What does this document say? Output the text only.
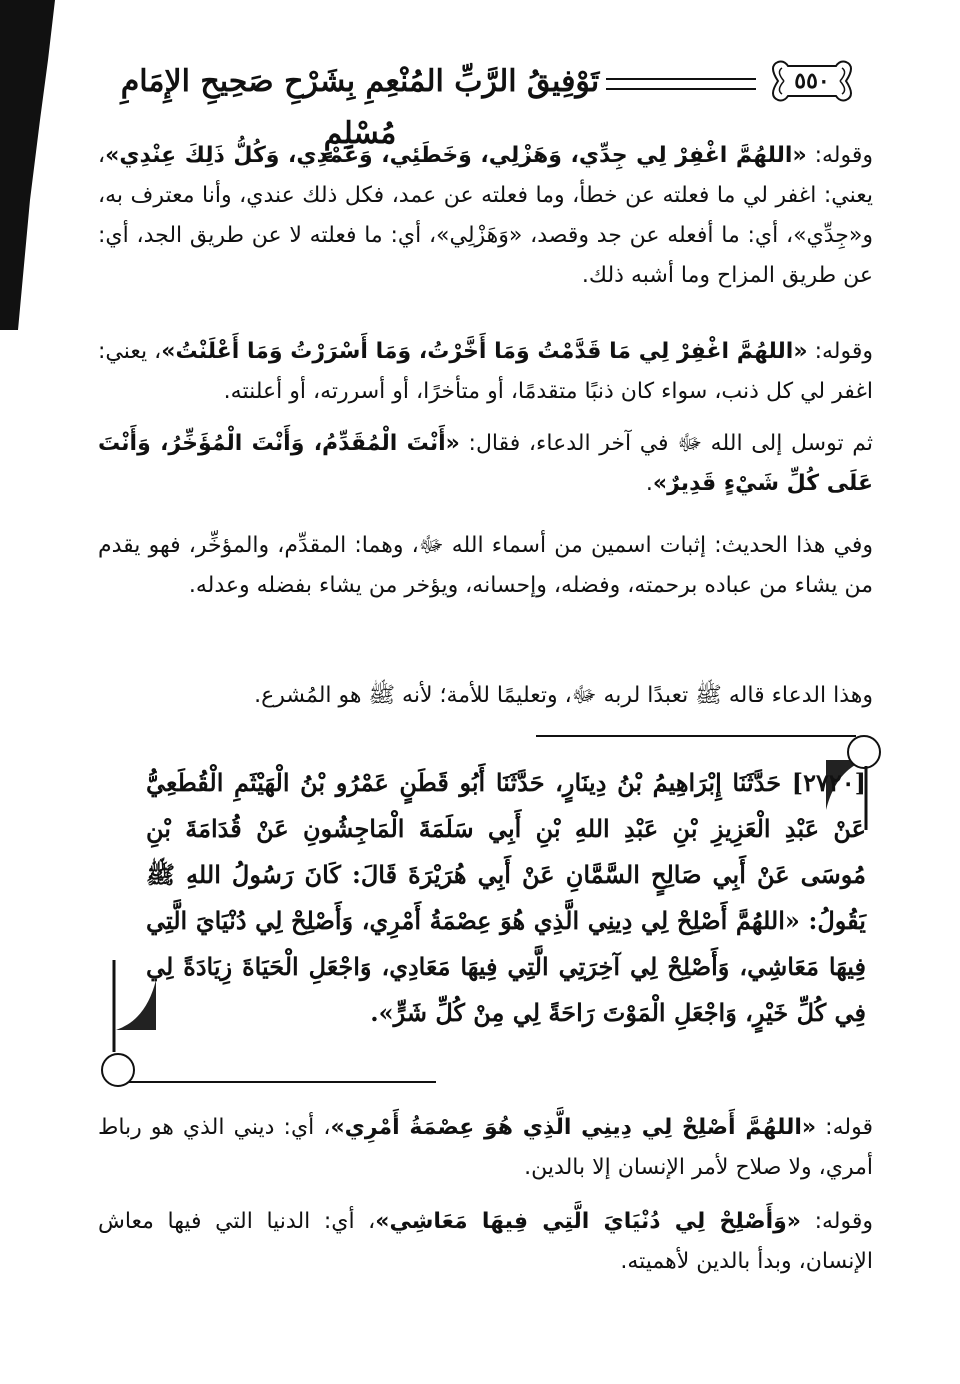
تَوْفِيقُ الرَّبِّ المُنْعِمِ بِشَرْحِ صَحِيحِ الإِمَامِ مُسْلِمٍ
٥٥٠

وقوله: «اللهُمَّ اغْفِرْ لِي جِدِّي، وَهَزْلِي، وَخَطَئِي، وَعَمْدِي، وَكُلُّ ذَلِكَ عِنْدِي»، يعني: اغفر لي ما فعلته عن خطأ، وما فعلته عن عمد، فكل ذلك عندي، وأنا معترف به، و«جِدِّي»، أي: ما أفعله عن جد وقصد، «وَهَزْلِي»، أي: ما فعلته لا عن طريق الجد، أي: عن طريق المزاح وما أشبه ذلك.

وقوله: «اللهُمَّ اغْفِرْ لِي مَا قَدَّمْتُ وَمَا أَخَّرْتُ، وَمَا أَسْرَرْتُ وَمَا أَعْلَنْتُ»، يعني: اغفر لي كل ذنب، سواء كان ذنبًا متقدمًا، أو متأخرًا، أو أسررته، أو أعلنته.

ثم توسل إلى الله ﷻ في آخر الدعاء، فقال: «أَنْتَ الْمُقَدِّمُ، وَأَنْتَ الْمُؤَخِّرُ، وَأَنْتَ عَلَى كُلِّ شَيْءٍ قَدِيرٌ».

وفي هذا الحديث: إثبات اسمين من أسماء الله ﷻ، وهما: المقدِّم، والمؤخِّر، فهو يقدم من يشاء من عباده برحمته، وفضله، وإحسانه، ويؤخر من يشاء بفضله وعدله.

وهذا الدعاء قاله ﷺ تعبدًا لربه ﷻ، وتعليمًا للأمة؛ لأنه ﷺ هو المُشرع.

[٢٧٢٠] حَدَّثَنَا إِبْرَاهِيمُ بْنُ دِينَارٍ، حَدَّثَنَا أَبُو قَطَنٍ عَمْرُو بْنُ الْهَيْثَمِ الْقُطَعِيُّ عَنْ عَبْدِ الْعَزِيزِ بْنِ عَبْدِ اللهِ بْنِ أَبِي سَلَمَةَ الْمَاجِشُونِ عَنْ قُدَامَةَ بْنِ مُوسَى عَنْ أَبِي صَالِحٍ السَّمَّانِ عَنْ أَبِي هُرَيْرَةَ قَالَ: كَانَ رَسُولُ اللهِ ﷺ يَقُولُ: «اللهُمَّ أَصْلِحْ لِي دِينِي الَّذِي هُوَ عِصْمَةُ أَمْرِي، وَأَصْلِحْ لِي دُنْيَايَ الَّتِي فِيهَا مَعَاشِي، وَأَصْلِحْ لِي آخِرَتِي الَّتِي فِيهَا مَعَادِي، وَاجْعَلِ الْحَيَاةَ زِيَادَةً لِي فِي كُلِّ خَيْرٍ، وَاجْعَلِ الْمَوْتَ رَاحَةً لِي مِنْ كُلِّ شَرٍّ».

قوله: «اللهُمَّ أَصْلِحْ لِي دِينِي الَّذِي هُوَ عِصْمَةُ أَمْرِي»، أي: ديني الذي هو رباط أمري، ولا صلاح لأمر الإنسان إلا بالدين.

وقوله: «وَأَصْلِحْ لِي دُنْيَايَ الَّتِي فِيهَا مَعَاشِي»، أي: الدنيا التي فيها معاش الإنسان، وبدأ بالدين لأهميته.
